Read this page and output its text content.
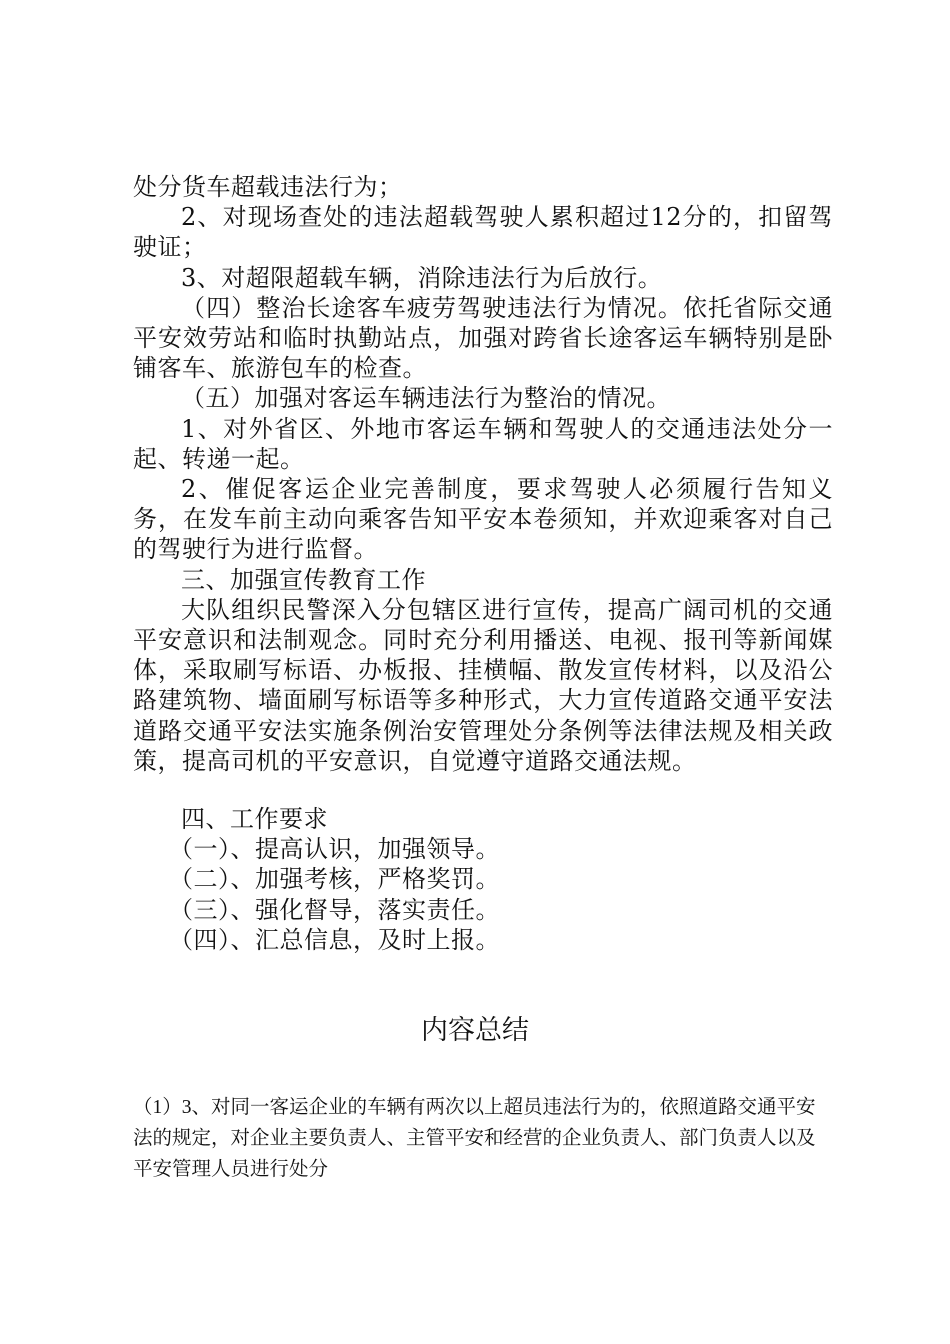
处分货车超载违法行为；

2、对现场查处的违法超载驾驶人累积超过12分的，扣留驾驶证；

3、对超限超载车辆，消除违法行为后放行。

（四）整治长途客车疲劳驾驶违法行为情况。依托省际交通平安效劳站和临时执勤站点，加强对跨省长途客运车辆特别是卧铺客车、旅游包车的检查。

（五）加强对客运车辆违法行为整治的情况。

1、对外省区、外地市客运车辆和驾驶人的交通违法处分一起、转递一起。

2、催促客运企业完善制度，要求驾驶人必须履行告知义务，在发车前主动向乘客告知平安本卷须知，并欢迎乘客对自己的驾驶行为进行监督。

三、加强宣传教育工作

大队组织民警深入分包辖区进行宣传，提高广阔司机的交通平安意识和法制观念。同时充分利用播送、电视、报刊等新闻媒体，采取刷写标语、办板报、挂横幅、散发宣传材料，以及沿公路建筑物、墙面刷写标语等多种形式，大力宣传道路交通平安法道路交通平安法实施条例治安管理处分条例等法律法规及相关政策，提高司机的平安意识，自觉遵守道路交通法规。

四、工作要求

（一）、提高认识，加强领导。

（二）、加强考核，严格奖罚。

（三）、强化督导，落实责任。

（四）、汇总信息，及时上报。

内容总结

（1）3、对同一客运企业的车辆有两次以上超员违法行为的，依照道路交通平安法的规定，对企业主要负责人、主管平安和经营的企业负责人、部门负责人以及平安管理人员进行处分
